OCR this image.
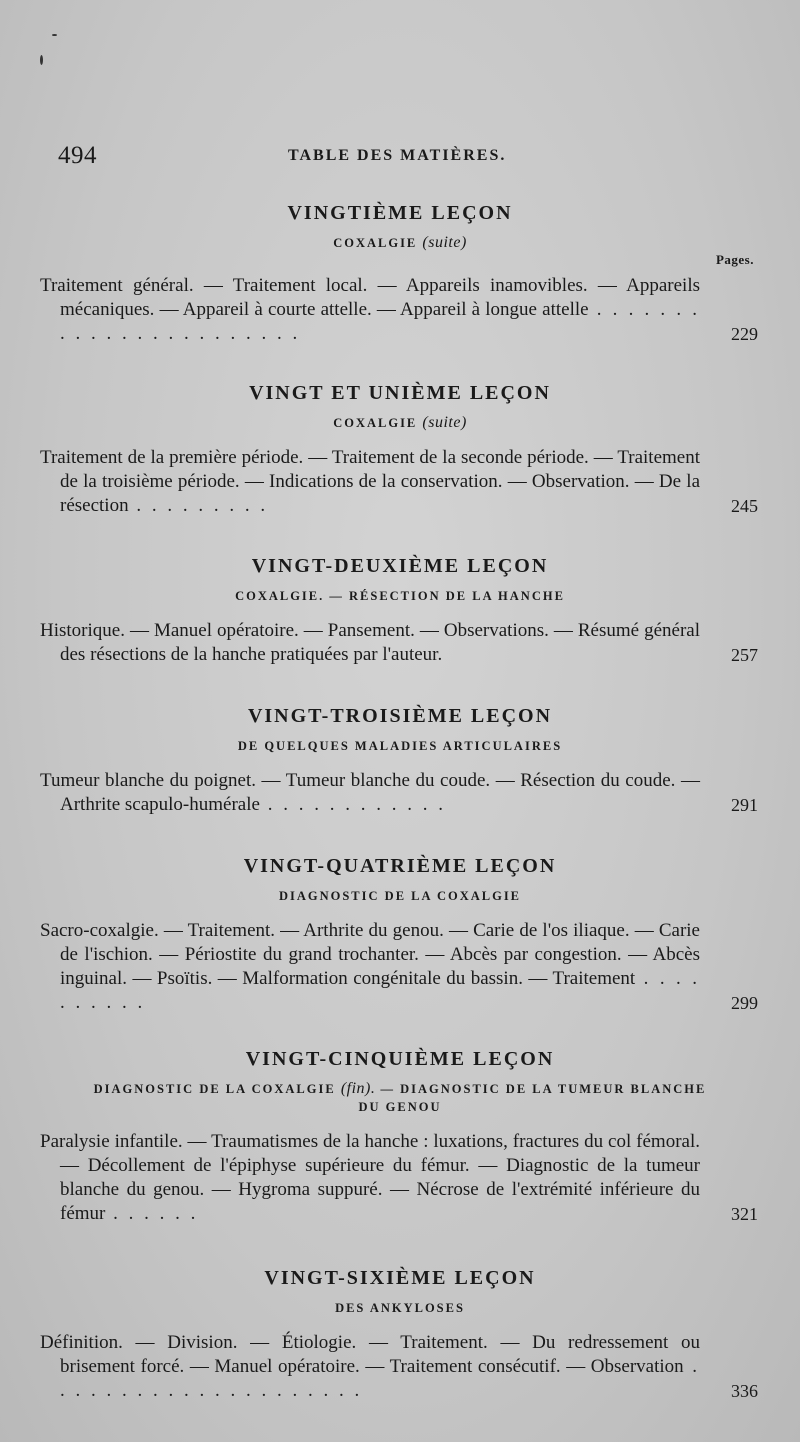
494	TABLE DES MATIÈRES.
Pages.
VINGTIÈME LEÇON

COXALGIE (suite)

Traitement général. — Traitement local. — Appareils inamovibles. — Appareils mécaniques. — Appareil à courte attelle. — Appareil à longue attelle . . . . . . . . . . . . . . . . . . . . . . .	229

VINGT ET UNIÈME LEÇON

COXALGIE (suite)

Traitement de la première période. — Traitement de la seconde période. — Traitement de la troisième période. — Indications de la conservation. — Observation. — De la résection . . . . . . . . .	245

VINGT-DEUXIÈME LEÇON

COXALGIE. — RÉSECTION DE LA HANCHE

Historique. — Manuel opératoire. — Pansement. — Observations. — Résumé général des résections de la hanche pratiquées par l'auteur.	257

VINGT-TROISIÈME LEÇON

DE QUELQUES MALADIES ARTICULAIRES

Tumeur blanche du poignet. — Tumeur blanche du coude. — Résection du coude. — Arthrite scapulo-humérale . . . . . . . . . . . .	291

VINGT-QUATRIÈME LEÇON

DIAGNOSTIC DE LA COXALGIE

Sacro-coxalgie. — Traitement. — Arthrite du genou. — Carie de l'os iliaque. — Carie de l'ischion. — Périostite du grand trochanter. — Abcès par congestion. — Abcès inguinal. — Psoïtis. — Malformation congénitale du bassin. — Traitement . . . . . . . . . .	299

VINGT-CINQUIÈME LEÇON

DIAGNOSTIC DE LA COXALGIE (fin). — DIAGNOSTIC DE LA TUMEUR BLANCHE
DU GENOU

Paralysie infantile. — Traumatismes de la hanche : luxations, fractures du col fémoral. — Décollement de l'épiphyse supérieure du fémur. — Diagnostic de la tumeur blanche du genou. — Hygroma suppuré. — Nécrose de l'extrémité inférieure du fémur . . . . . .	321

VINGT-SIXIÈME LEÇON

DES ANKYLOSES

Définition. — Division. — Étiologie. — Traitement. — Du redressement ou brisement forcé. — Manuel opératoire. — Traitement consécutif. — Observation . . . . . . . . . . . . . . . . . . . . .	336
